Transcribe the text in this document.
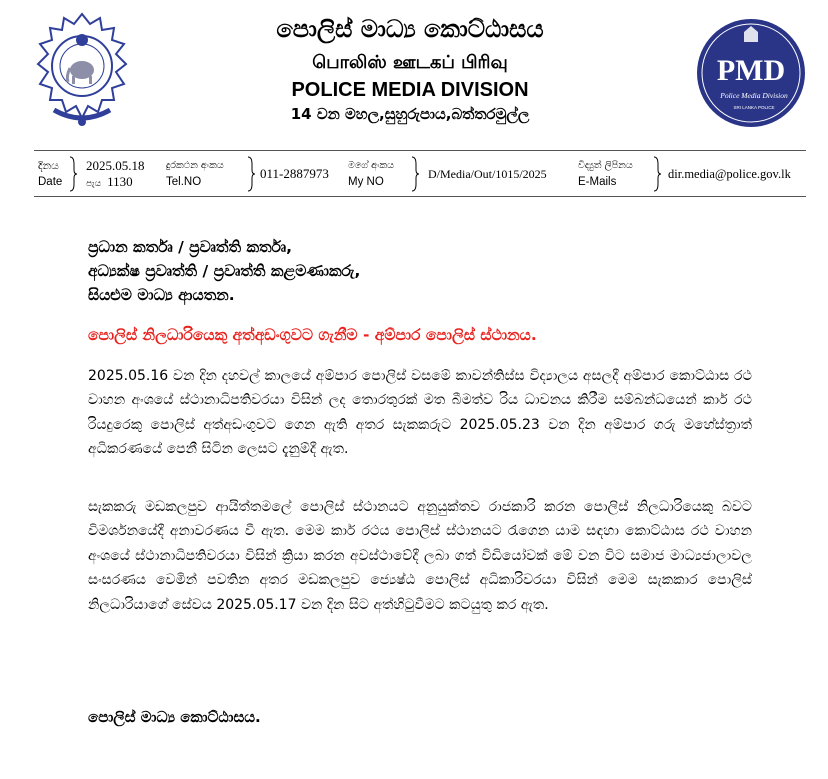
පොලිස් මාධ්‍ය කොට්ඨාසය
பொலிஸ் ஊடகப் பிரிவு
POLICE MEDIA DIVISION
14 වන මහල,සුහුරුපාය,බත්තරමුල්ල
PMD
Police Media Division
SRI LANKA POLICE
දිනය
Date
2025.05.18
පැය 1130
දුරකථන අංකය
Tel.NO
011-2887973
මගේ අංකය
My NO
D/Media/Out/1015/2025
විද්‍යුත් ලිපිනය
E-Mails
dir.media@police.gov.lk
ප්‍රධාන කර්තෘ / ප්‍රවෘත්ති කර්තෘ,
අධ්‍යක්ෂ ප්‍රවෘත්ති / ප්‍රවෘත්ති කළමණාකරු,
සියළුම මාධ්‍ය ආයතන.
පොලිස් නිලධාරියෙකු අත්අඩංගුවට ගැනීම - අම්පාර පොලිස් ස්ථානය.
2025.05.16 වන දින දහවල් කාලයේ අම්පාර පොලිස් වසමේ කාවන්තිස්ස විද්‍යාලය අසලදී අම්පාර කොට්ඨාස රථ වාහන අංශයේ ස්ථානාධිපතිවරයා විසින් ලද තොරතුරක් මත බීමත්ව රිය ධාවනය කිරීම සම්බන්ධයෙන් කාර් රථ රියදුරෙකු පොලිස් අත්අඩංගුවට ගෙන ඇති අතර සැකකරුට 2025.05.23 වන දින අම්පාර ගරු මහේස්ත්‍රාත් අධිකරණයේ පෙනී සිටින ලෙසට දැනුම්දී ඇත.
සැකකරු මඩකලපුව ආයිත්තමලේ පොලිස් ස්ථානයට අනුයුක්තව රාජකාරි කරන පොලිස් නිලධාරියෙකු බවට විමර්ශනයේදී අනාවරණය වී ඇත. මෙම කාර් රථය පොලිස් ස්ථානයට රැගෙන යාම සඳහා කොට්ඨාස රථ වාහන අංශයේ ස්ථානාධිපතිවරයා විසින් ක්‍රියා කරන අවස්ථාවේදී ලබා ගත් විඩියෝවක් මේ වන විට සමාජ මාධ්‍යජාලාවල සංසරණය වෙමින් පවතින අතර මඩකලපුව ජ්‍යෙෂ්ඨ පොලිස් අධිකාරිවරයා විසින් මෙම සැකකාර පොලිස් නිලධාරියාගේ සේවය 2025.05.17 වන දින සිට අත්හිටුවීමට කටයුතු කර ඇත.
පොලිස් මාධ්‍ය කොට්ඨාසය.
